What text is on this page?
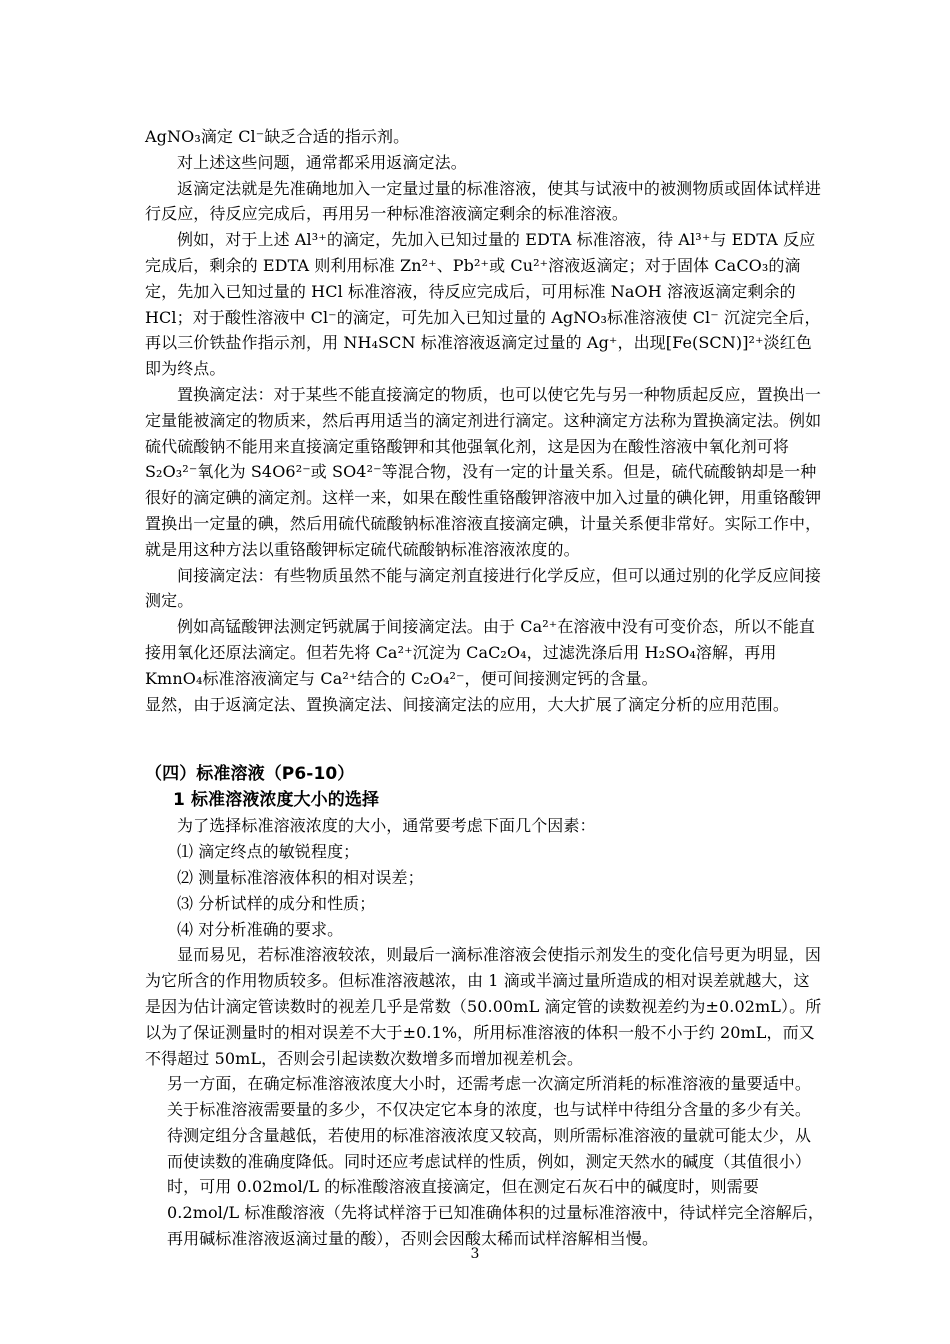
AgNO₃滴定 Cl⁻缺乏合适的指示剂。

对上述这些问题，通常都采用返滴定法。

返滴定法就是先准确地加入一定量过量的标准溶液，使其与试液中的被测物质或固体试样进行反应，待反应完成后，再用另一种标准溶液滴定剩余的标准溶液。

例如，对于上述 Al³⁺的滴定，先加入已知过量的 EDTA 标准溶液，待 Al³⁺与 EDTA 反应完成后，剩余的 EDTA 则利用标准 Zn²⁺、Pb²⁺或 Cu²⁺溶液返滴定；对于固体 CaCO₃的滴定，先加入已知过量的 HCl 标准溶液，待反应完成后，可用标准 NaOH 溶液返滴定剩余的 HCl；对于酸性溶液中 Cl⁻的滴定，可先加入已知过量的 AgNO₃标准溶液使 Cl⁻ 沉淀完全后，再以三价铁盐作指示剂，用 NH₄SCN 标准溶液返滴定过量的 Ag⁺，出现[Fe(SCN)]²⁺淡红色即为终点。

置换滴定法：对于某些不能直接滴定的物质，也可以使它先与另一种物质起反应，置换出一定量能被滴定的物质来，然后再用适当的滴定剂进行滴定。这种滴定方法称为置换滴定法。例如硫代硫酸钠不能用来直接滴定重铬酸钾和其他强氧化剂，这是因为在酸性溶液中氧化剂可将 S₂O₃²⁻氧化为 S4O6²⁻或 SO4²⁻等混合物，没有一定的计量关系。但是，硫代硫酸钠却是一种很好的滴定碘的滴定剂。这样一来，如果在酸性重铬酸钾溶液中加入过量的碘化钾，用重铬酸钾置换出一定量的碘，然后用硫代硫酸钠标准溶液直接滴定碘，计量关系便非常好。实际工作中，就是用这种方法以重铬酸钾标定硫代硫酸钠标准溶液浓度的。

间接滴定法：有些物质虽然不能与滴定剂直接进行化学反应，但可以通过别的化学反应间接测定。

例如高锰酸钾法测定钙就属于间接滴定法。由于 Ca²⁺在溶液中没有可变价态，所以不能直接用氧化还原法滴定。但若先将 Ca²⁺沉淀为 CaC₂O₄，过滤洗涤后用 H₂SO₄溶解，再用 KmnO₄标准溶液滴定与 Ca²⁺结合的 C₂O₄²⁻，便可间接测定钙的含量。

显然，由于返滴定法、置换滴定法、间接滴定法的应用，大大扩展了滴定分析的应用范围。

（四）标准溶液（P6-10）

1 标准溶液浓度大小的选择

为了选择标准溶液浓度的大小，通常要考虑下面几个因素：

⑴ 滴定终点的敏锐程度；

⑵ 测量标准溶液体积的相对误差；

⑶ 分析试样的成分和性质；

⑷ 对分析准确的要求。

显而易见，若标准溶液较浓，则最后一滴标准溶液会使指示剂发生的变化信号更为明显，因为它所含的作用物质较多。但标准溶液越浓，由 1 滴或半滴过量所造成的相对误差就越大，这是因为估计滴定管读数时的视差几乎是常数（50.00mL 滴定管的读数视差约为±0.02mL）。所以为了保证测量时的相对误差不大于±0.1%，所用标准溶液的体积一般不小于约 20mL，而又不得超过 50mL，否则会引起读数次数增多而增加视差机会。

另一方面，在确定标准溶液浓度大小时，还需考虑一次滴定所消耗的标准溶液的量要适中。关于标准溶液需要量的多少，不仅决定它本身的浓度，也与试样中待组分含量的多少有关。待测定组分含量越低，若使用的标准溶液浓度又较高，则所需标准溶液的量就可能太少，从而使读数的准确度降低。同时还应考虑试样的性质，例如，测定天然水的碱度（其值很小）时，可用 0.02mol/L 的标准酸溶液直接滴定，但在测定石灰石中的碱度时，则需要 0.2mol/L 标准酸溶液（先将试样溶于已知准确体积的过量标准溶液中，待试样完全溶解后，再用碱标准溶液返滴过量的酸），否则会因酸太稀而试样溶解相当慢。

3
